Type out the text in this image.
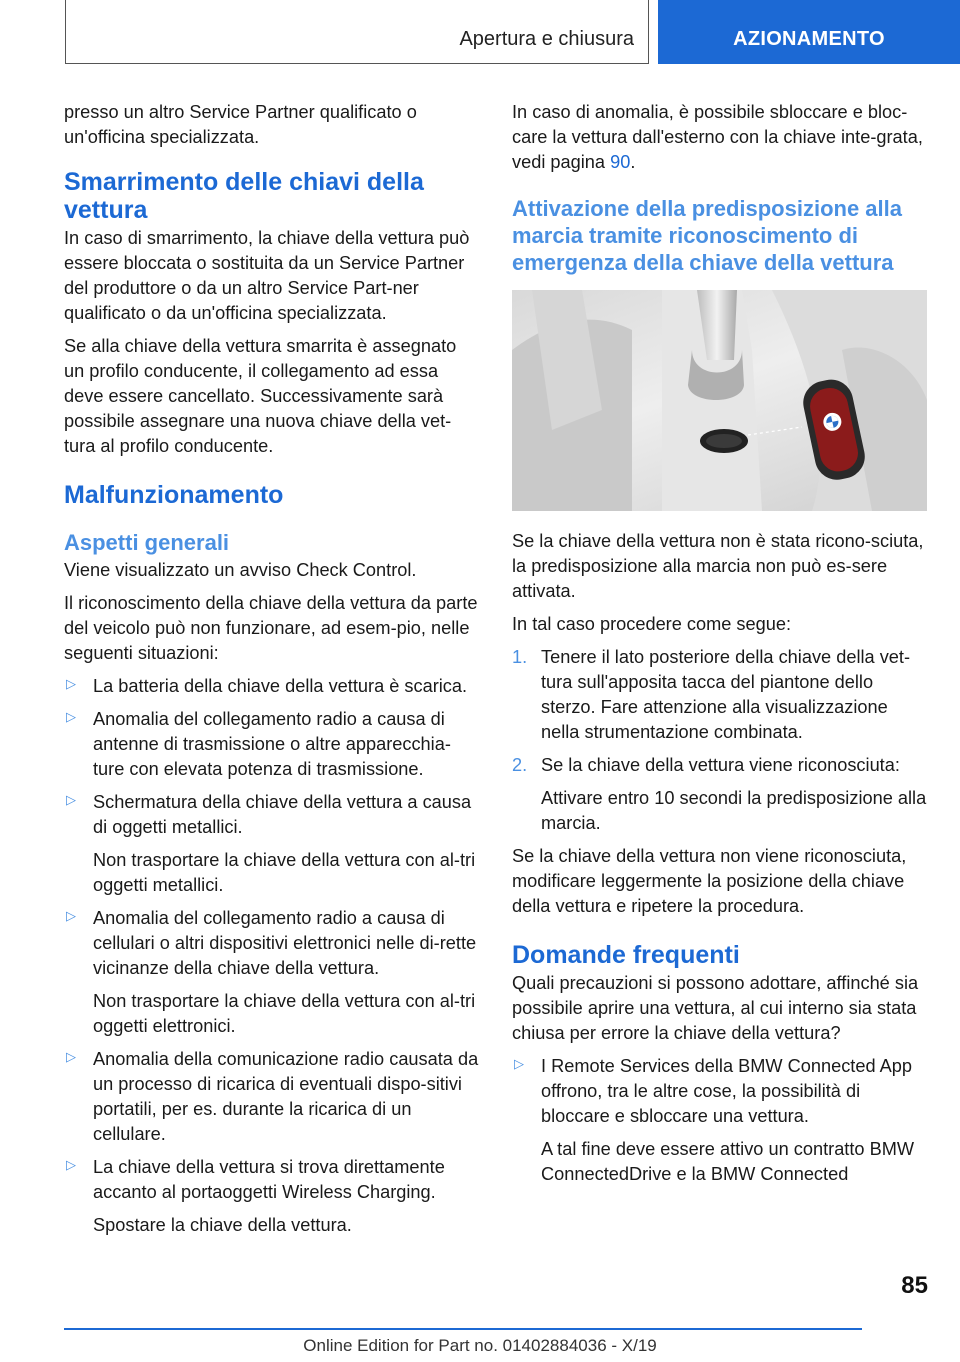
Apertura e chiusura	AZIONAMENTO

presso un altro Service Partner qualificato o un'officina specializzata.

Smarrimento delle chiavi della vettura

In caso di smarrimento, la chiave della vettura può essere bloccata o sostituita da un Service Partner del produttore o da un altro Service Part-ner qualificato o da un'officina specializzata.

Se alla chiave della vettura smarrita è assegnato un profilo conducente, il collegamento ad essa deve essere cancellato. Successivamente sarà possibile assegnare una nuova chiave della vet-tura al profilo conducente.

Malfunzionamento
Aspetti generali

Viene visualizzato un avviso Check Control.

Il riconoscimento della chiave della vettura da parte del veicolo può non funzionare, ad esem-pio, nelle seguenti situazioni:

▷ La batteria della chiave della vettura è scarica.

▷ Anomalia del collegamento radio a causa di antenne di trasmissione o altre apparecchia-ture con elevata potenza di trasmissione.

▷ Schermatura della chiave della vettura a causa di oggetti metallici.

Non trasportare la chiave della vettura con al-tri oggetti metallici.

▷ Anomalia del collegamento radio a causa di cellulari o altri dispositivi elettronici nelle di-rette vicinanze della chiave della vettura.

Non trasportare la chiave della vettura con al-tri oggetti elettronici.

▷ Anomalia della comunicazione radio causata da un processo di ricarica di eventuali dispo-sitivi portatili, per es. durante la ricarica di un cellulare.

▷ La chiave della vettura si trova direttamente accanto al portaoggetti Wireless Charging.

Spostare la chiave della vettura.

In caso di anomalia, è possibile sbloccare e bloc-care la vettura dall'esterno con la chiave inte-grata, vedi pagina 90.

Attivazione della predisposizione alla marcia tramite riconoscimento di emergenza della chiave della vettura

Se la chiave della vettura non è stata ricono-sciuta, la predisposizione alla marcia non può es-sere attivata.

In tal caso procedere come segue:

1. Tenere il lato posteriore della chiave della vet-tura sull'apposita tacca del piantone dello sterzo. Fare attenzione alla visualizzazione nella strumentazione combinata.

2. Se la chiave della vettura viene riconosciuta:

Attivare entro 10 secondi la predisposizione alla marcia.

Se la chiave della vettura non viene riconosciuta, modificare leggermente la posizione della chiave della vettura e ripetere la procedura.

Domande frequenti

Quali precauzioni si possono adottare, affinché sia possibile aprire una vettura, al cui interno sia stata chiusa per errore la chiave della vettura?

▷ I Remote Services della BMW Connected App offrono, tra le altre cose, la possibilità di bloccare e sbloccare una vettura.

A tal fine deve essere attivo un contratto BMW ConnectedDrive e la BMW Connected

85
Online Edition for Part no. 01402884036 - X/19
